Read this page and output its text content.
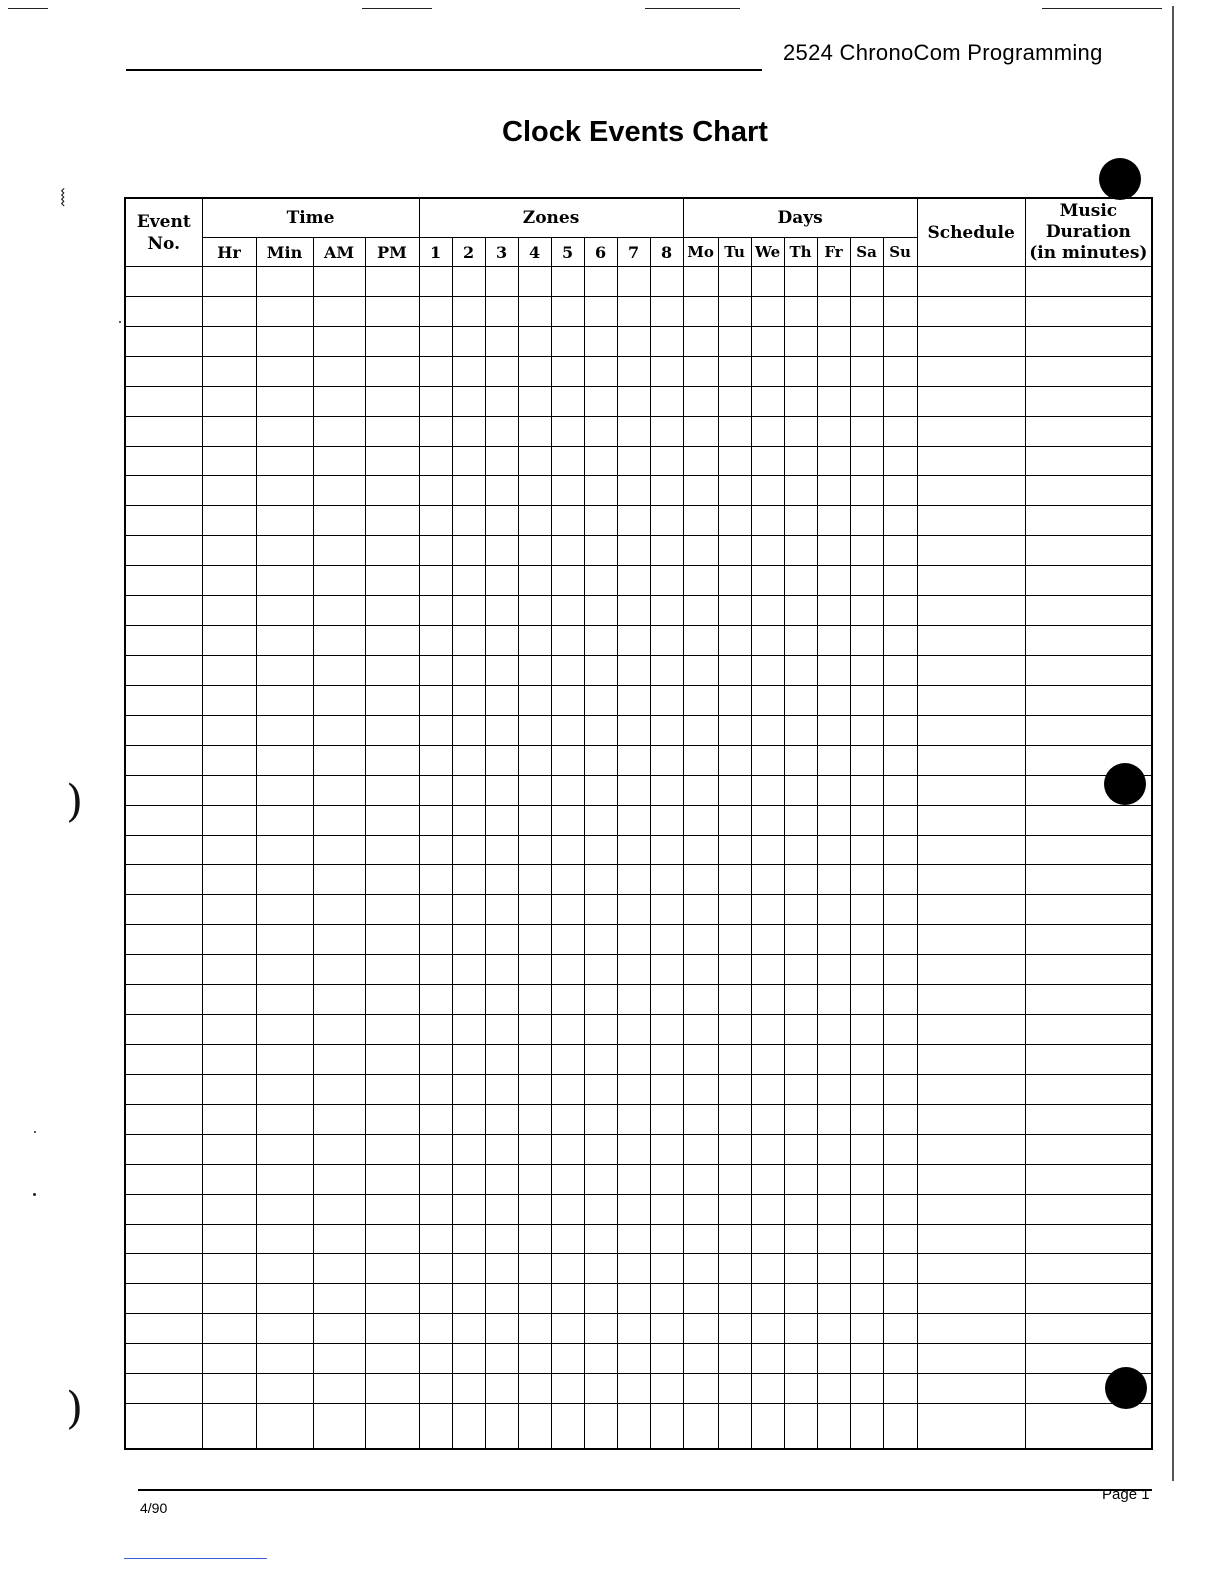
⧙
)
)
2524 ChronoCom Programming
Clock Events Chart
Event No.	Time				Zones								Days							Schedule	Music
Duration
(in minutes)

	Hr	Min	AM	PM	1	2	3	4	5	6	7	8	Mo	Tu	We	Th	Fr	Sa	Su		

4/90
Page 1
